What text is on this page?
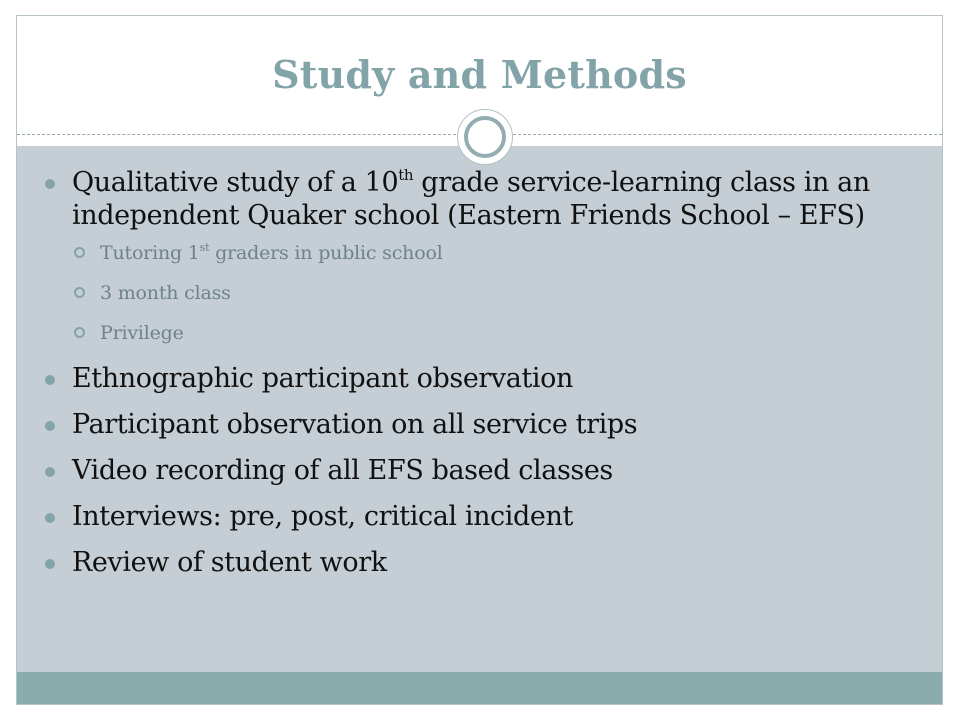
Study and Methods
Qualitative study of a 10th grade service-learning class in an independent Quaker school (Eastern Friends School – EFS)
Tutoring 1st graders in public school
3 month class
Privilege
Ethnographic participant observation
Participant observation on all service trips
Video recording of all EFS based classes
Interviews: pre, post, critical incident
Review of student work
